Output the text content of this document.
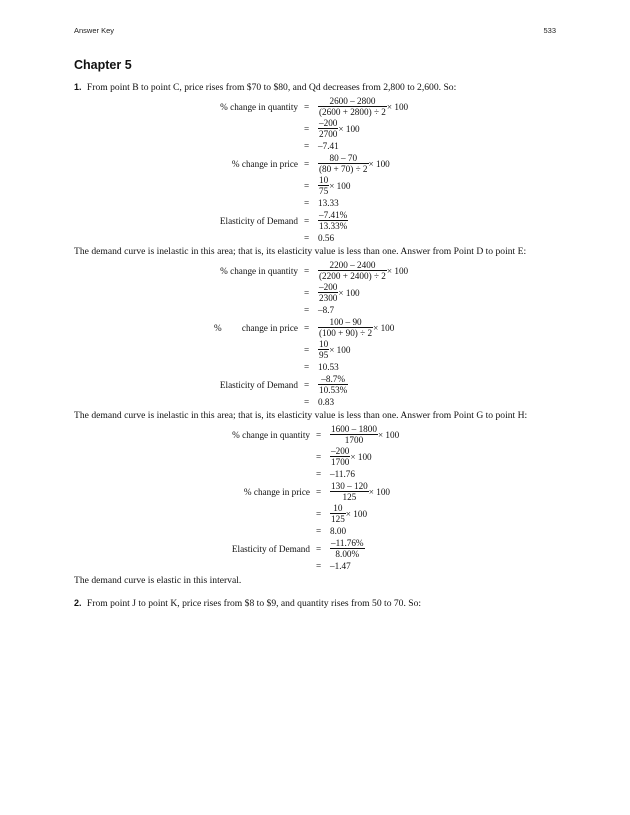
Answer Key	533
Chapter 5

1. From point B to point C, price rises from $70 to $80, and Qd decreases from 2,800 to 2,600. So:

% change in quantity = $\frac{2600 - 2800}{(2600 + 2800) \div 2} \times 100$
= $\frac{-200}{2700} \times 100$
= –7.41
% change in price = $\frac{80 - 70}{(80 + 70) \div 2} \times 100$
= $\frac{10}{75} \times 100$
= 13.33
Elasticity of Demand = $\frac{-7.41\%}{13.33\%}$
= 0.56

The demand curve is inelastic in this area; that is, its elasticity value is less than one. Answer from Point D to point E:

% change in quantity = $\frac{2200 - 2400}{(2200 + 2400) \div 2} \times 100$
= $\frac{-200}{2300} \times 100$
= –8.7
% change in price = $\frac{100 - 90}{(100 + 90) \div 2} \times 100$
= $\frac{10}{95} \times 100$
= 10.53
Elasticity of Demand = $\frac{-8.7\%}{10.53\%}$
= 0.83

The demand curve is inelastic in this area; that is, its elasticity value is less than one. Answer from Point G to point H:

% change in quantity = $\frac{1600 - 1800}{1700} \times 100$
= $\frac{-200}{1700} \times 100$
= –11.76
% change in price = $\frac{130 - 120}{125} \times 100$
= $\frac{10}{125} \times 100$
= 8.00
Elasticity of Demand = $\frac{-11.76\%}{8.00\%}$
= –1.47

The demand curve is elastic in this interval.

2. From point J to point K, price rises from $8 to $9, and quantity rises from 50 to 70. So:
